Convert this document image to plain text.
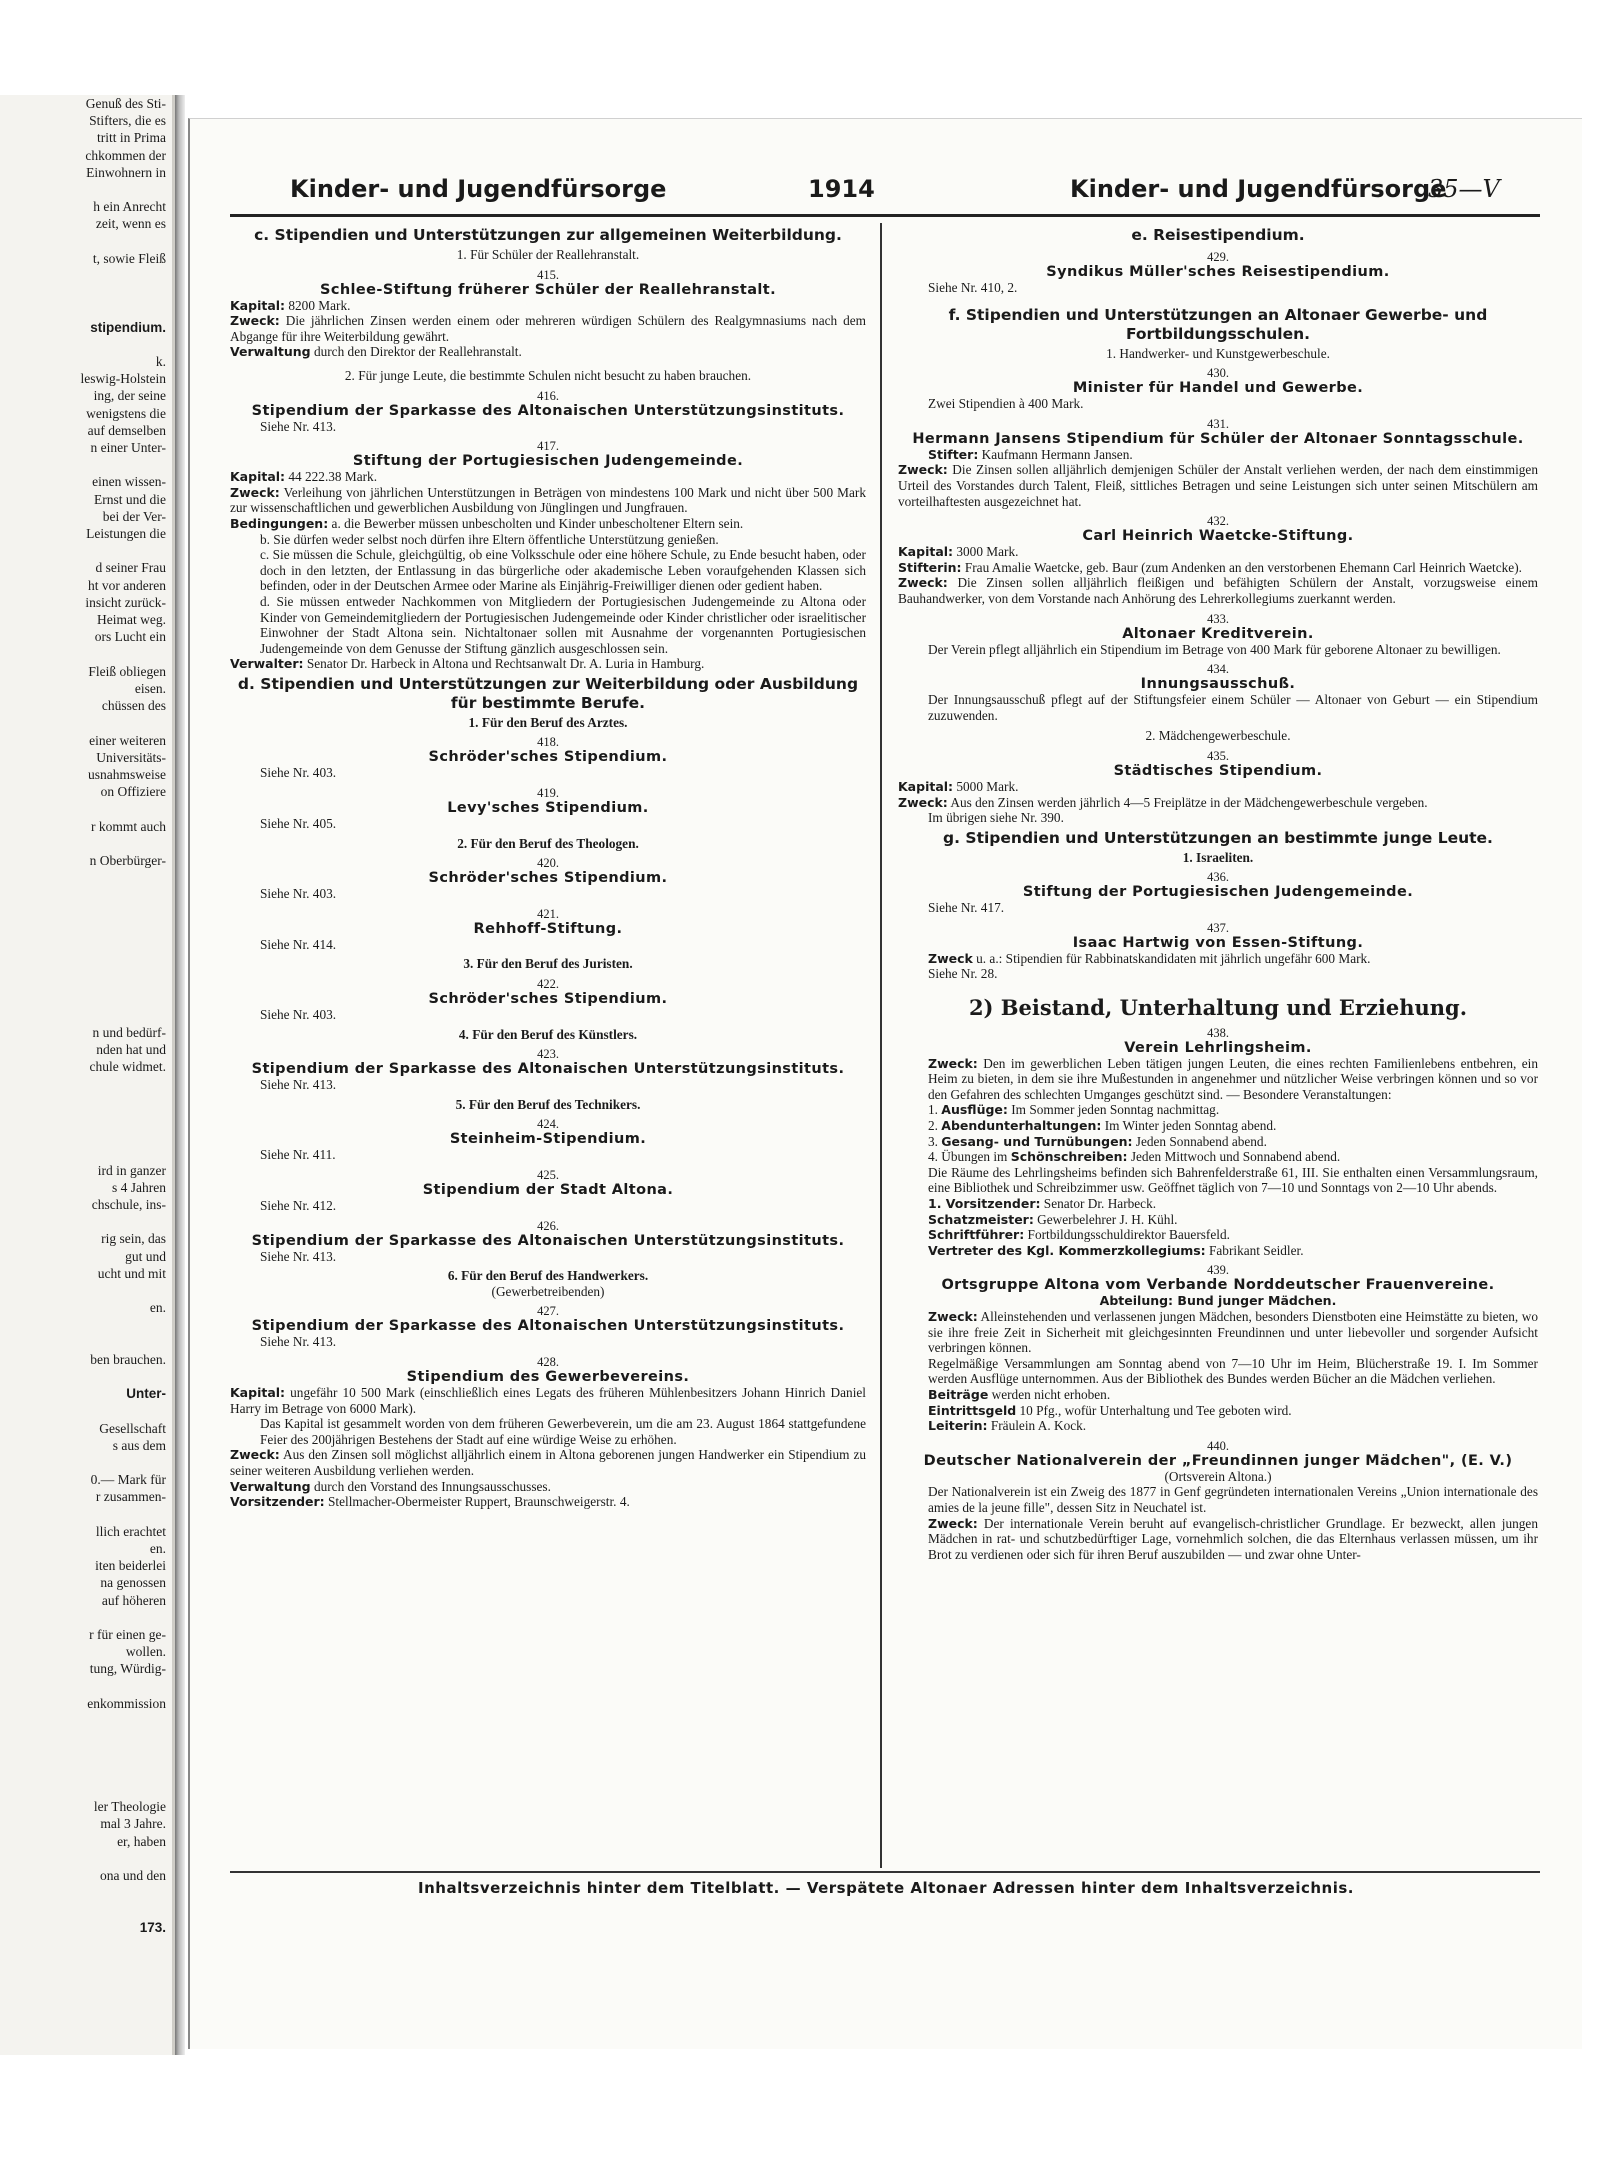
Genuß des Sti-
Stifters, die es
tritt in Prima
chkommen der
Einwohnern in

h ein Anrecht
zeit, wenn es

t, sowie Fleiß

stipendium.

k.
leswig-Holstein
ing, der seine
wenigstens die
auf demselben
n einer Unter-

einen wissen-
Ernst und die
bei der Ver-
Leistungen die

d seiner Frau
ht vor anderen
insicht zurück-
Heimat weg.
ors Lucht ein

Fleiß obliegen
eisen.
chüssen des

einer weiteren
Universitäts-
usnahmsweise
on Offiziere

r kommt auch

n Oberbürger-

n und bedürf-
nden hat und
chule widmet.

ird in ganzer
s 4 Jahren
chschule, ins-

rig sein, das
gut und
ucht und mit

en.

ben brauchen.

Unter-

Gesellschaft
s aus dem

0.— Mark für
r zusammen-

llich erachtet
en.
iten beiderlei
na genossen
auf höheren

r für einen ge-
wollen.
tung, Würdig-

enkommission

ler Theologie
mal 3 Jahre.
er, haben

ona und den

173.
Kinder- und Jugendfürsorge	1914	Kinder- und Jugendfürsorge
35—V
c. Stipendien und Unterstützungen zur allgemeinen Weiterbildung.
1. Für Schüler der Reallehranstalt.
415.
Schlee-Stiftung früherer Schüler der Reallehranstalt.
Kapital: 8200 Mark.
Zweck: Die jährlichen Zinsen werden einem oder mehreren würdigen Schülern des Realgymnasiums nach dem Abgange für ihre Weiterbildung gewährt.
Verwaltung durch den Direktor der Reallehranstalt.
2. Für junge Leute, die bestimmte Schulen nicht besucht zu haben brauchen.
416.
Stipendium der Sparkasse des Altonaischen Unterstützungsinstituts.
Siehe Nr. 413.
417.
Stiftung der Portugiesischen Judengemeinde.
Kapital: 44 222.38 Mark.
Zweck: Verleihung von jährlichen Unterstützungen in Beträgen von mindestens 100 Mark und nicht über 500 Mark zur wissenschaftlichen und gewerblichen Ausbildung von Jünglingen und Jungfrauen.
Bedingungen: a. die Bewerber müssen unbescholten und Kinder unbescholtener Eltern sein.
b. Sie dürfen weder selbst noch dürfen ihre Eltern öffentliche Unterstützung genießen.
c. Sie müssen die Schule, gleichgültig, ob eine Volksschule oder eine höhere Schule, zu Ende besucht haben, oder doch in den letzten, der Entlassung in das bürgerliche oder akademische Leben voraufgehenden Klassen sich befinden, oder in der Deutschen Armee oder Marine als Einjährig-Freiwilliger dienen oder gedient haben.
d. Sie müssen entweder Nachkommen von Mitgliedern der Portugiesischen Judengemeinde zu Altona oder Kinder von Gemeindemitgliedern der Portugiesischen Judengemeinde oder Kinder christlicher oder israelitischer Einwohner der Stadt Altona sein. Nichtaltonaer sollen mit Ausnahme der vorgenannten Portugiesischen Judengemeinde von dem Genusse der Stiftung gänzlich ausgeschlossen sein.
Verwalter: Senator Dr. Harbeck in Altona und Rechtsanwalt Dr. A. Luria in Hamburg.
d. Stipendien und Unterstützungen zur Weiterbildung oder Ausbildung für bestimmte Berufe.
1. Für den Beruf des Arztes.
418.
Schröder'sches Stipendium.
Siehe Nr. 403.
419.
Levy'sches Stipendium.
Siehe Nr. 405.
2. Für den Beruf des Theologen.
420.
Schröder'sches Stipendium.
Siehe Nr. 403.
421.
Rehhoff-Stiftung.
Siehe Nr. 414.
3. Für den Beruf des Juristen.
422.
Schröder'sches Stipendium.
Siehe Nr. 403.
4. Für den Beruf des Künstlers.
423.
Stipendium der Sparkasse des Altonaischen Unterstützungsinstituts.
Siehe Nr. 413.
5. Für den Beruf des Technikers.
424.
Steinheim-Stipendium.
Siehe Nr. 411.
425.
Stipendium der Stadt Altona.
Siehe Nr. 412.
426.
Stipendium der Sparkasse des Altonaischen Unterstützungsinstituts.
Siehe Nr. 413.
6. Für den Beruf des Handwerkers.
(Gewerbetreibenden)
427.
Stipendium der Sparkasse des Altonaischen Unterstützungsinstituts.
Siehe Nr. 413.
428.
Stipendium des Gewerbevereins.
Kapital: ungefähr 10 500 Mark (einschließlich eines Legats des früheren Mühlenbesitzers Johann Hinrich Daniel Harry im Betrage von 6000 Mark).
Das Kapital ist gesammelt worden von dem früheren Gewerbeverein, um die am 23. August 1864 stattgefundene Feier des 200jährigen Bestehens der Stadt auf eine würdige Weise zu erhöhen.
Zweck: Aus den Zinsen soll möglichst alljährlich einem in Altona geborenen jungen Handwerker ein Stipendium zu seiner weiteren Ausbildung verliehen werden.
Verwaltung durch den Vorstand des Innungsausschusses.
Vorsitzender: Stellmacher-Obermeister Ruppert, Braunschweigerstr. 4.
e. Reisestipendium.
429.
Syndikus Müller'sches Reisestipendium.
Siehe Nr. 410, 2.
f. Stipendien und Unterstützungen an Altonaer Gewerbe- und Fortbildungsschulen.
1. Handwerker- und Kunstgewerbeschule.
430.
Minister für Handel und Gewerbe.
Zwei Stipendien à 400 Mark.
431.
Hermann Jansens Stipendium für Schüler der Altonaer Sonntagsschule.
Stifter: Kaufmann Hermann Jansen.
Zweck: Die Zinsen sollen alljährlich demjenigen Schüler der Anstalt verliehen werden, der nach dem einstimmigen Urteil des Vorstandes durch Talent, Fleiß, sittliches Betragen und seine Leistungen sich unter seinen Mitschülern am vorteilhaftesten ausgezeichnet hat.
432.
Carl Heinrich Waetcke-Stiftung.
Kapital: 3000 Mark.
Stifterin: Frau Amalie Waetcke, geb. Baur (zum Andenken an den verstorbenen Ehemann Carl Heinrich Waetcke).
Zweck: Die Zinsen sollen alljährlich fleißigen und befähigten Schülern der Anstalt, vorzugsweise einem Bauhandwerker, von dem Vorstande nach Anhörung des Lehrerkollegiums zuerkannt werden.
433.
Altonaer Kreditverein.
Der Verein pflegt alljährlich ein Stipendium im Betrage von 400 Mark für geborene Altonaer zu bewilligen.
434.
Innungsausschuß.
Der Innungsausschuß pflegt auf der Stiftungsfeier einem Schüler — Altonaer von Geburt — ein Stipendium zuzuwenden.
2. Mädchengewerbeschule.
435.
Städtisches Stipendium.
Kapital: 5000 Mark.
Zweck: Aus den Zinsen werden jährlich 4—5 Freiplätze in der Mädchengewerbeschule vergeben.
Im übrigen siehe Nr. 390.
g. Stipendien und Unterstützungen an bestimmte junge Leute.
1. Israeliten.
436.
Stiftung der Portugiesischen Judengemeinde.
Siehe Nr. 417.
437.
Isaac Hartwig von Essen-Stiftung.
Zweck u. a.: Stipendien für Rabbinatskandidaten mit jährlich ungefähr 600 Mark.
Siehe Nr. 28.
2) Beistand, Unterhaltung und Erziehung.
438.
Verein Lehrlingsheim.
Zweck: Den im gewerblichen Leben tätigen jungen Leuten, die eines rechten Familienlebens entbehren, ein Heim zu bieten, in dem sie ihre Mußestunden in angenehmer und nützlicher Weise verbringen können und so vor den Gefahren des schlechten Umganges geschützt sind. — Besondere Veranstaltungen:
1. Ausflüge: Im Sommer jeden Sonntag nachmittag.
2. Abendunterhaltungen: Im Winter jeden Sonntag abend.
3. Gesang- und Turnübungen: Jeden Sonnabend abend.
4. Übungen im Schönschreiben: Jeden Mittwoch und Sonnabend abend.
Die Räume des Lehrlingsheims befinden sich Bahrenfelderstraße 61, III. Sie enthalten einen Versammlungsraum, eine Bibliothek und Schreibzimmer usw. Geöffnet täglich von 7—10 und Sonntags von 2—10 Uhr abends.
1. Vorsitzender: Senator Dr. Harbeck.
Schatzmeister: Gewerbelehrer J. H. Kühl.
Schriftführer: Fortbildungsschuldirektor Bauersfeld.
Vertreter des Kgl. Kommerzkollegiums: Fabrikant Seidler.
439.
Ortsgruppe Altona vom Verbande Norddeutscher Frauenvereine.
Abteilung: Bund junger Mädchen.
Zweck: Alleinstehenden und verlassenen jungen Mädchen, besonders Dienstboten eine Heimstätte zu bieten, wo sie ihre freie Zeit in Sicherheit mit gleichgesinnten Freundinnen und unter liebevoller und sorgender Aufsicht verbringen können.
Regelmäßige Versammlungen am Sonntag abend von 7—10 Uhr im Heim, Blücherstraße 19. I. Im Sommer werden Ausflüge unternommen. Aus der Bibliothek des Bundes werden Bücher an die Mädchen verliehen.
Beiträge werden nicht erhoben.
Eintrittsgeld 10 Pfg., wofür Unterhaltung und Tee geboten wird.
Leiterin: Fräulein A. Kock.
440.
Deutscher Nationalverein der „Freundinnen junger Mädchen", (E. V.)
(Ortsverein Altona.)
Der Nationalverein ist ein Zweig des 1877 in Genf gegründeten internationalen Vereins „Union internationale des amies de la jeune fille", dessen Sitz in Neuchatel ist.
Zweck: Der internationale Verein beruht auf evangelisch-christlicher Grundlage. Er bezweckt, allen jungen Mädchen in rat- und schutzbedürftiger Lage, vornehmlich solchen, die das Elternhaus verlassen müssen, um ihr Brot zu verdienen oder sich für ihren Beruf auszubilden — und zwar ohne Unter-
Inhaltsverzeichnis hinter dem Titelblatt. — Verspätete Altonaer Adressen hinter dem Inhaltsverzeichnis.
